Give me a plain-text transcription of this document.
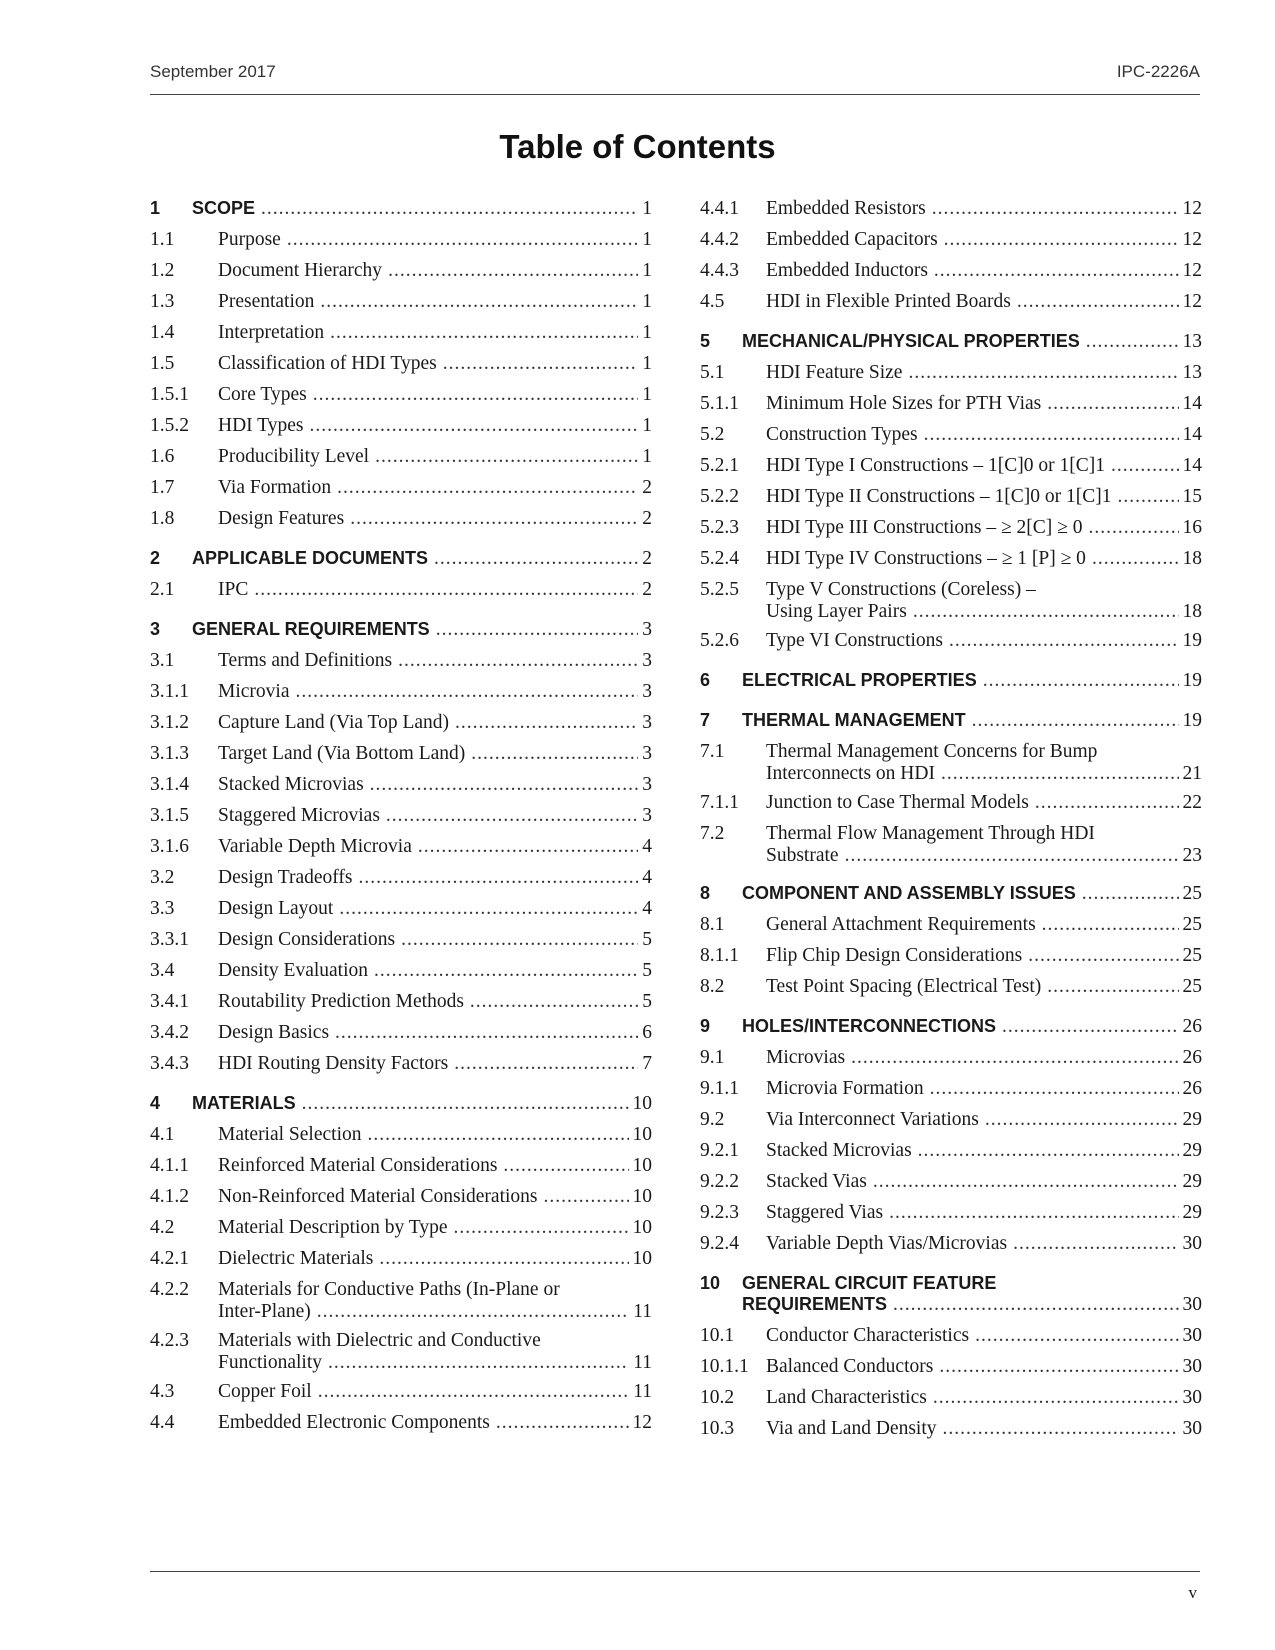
September 2017	IPC-2226A
Table of Contents
1	SCOPE .....	1
1.1	Purpose .....	1
1.2	Document Hierarchy .....	1
1.3	Presentation .....	1
1.4	Interpretation .....	1
1.5	Classification of HDI Types .....	1
1.5.1	Core Types .....	1
1.5.2	HDI Types .....	1
1.6	Producibility Level .....	1
1.7	Via Formation .....	2
1.8	Design Features .....	2
2	APPLICABLE DOCUMENTS .....	2
2.1	IPC .....	2
3	GENERAL REQUIREMENTS .....	3
3.1	Terms and Definitions .....	3
3.1.1	Microvia .....	3
3.1.2	Capture Land (Via Top Land) .....	3
3.1.3	Target Land (Via Bottom Land) .....	3
3.1.4	Stacked Microvias .....	3
3.1.5	Staggered Microvias .....	3
3.1.6	Variable Depth Microvia .....	4
3.2	Design Tradeoffs .....	4
3.3	Design Layout .....	4
3.3.1	Design Considerations .....	5
3.4	Density Evaluation .....	5
3.4.1	Routability Prediction Methods .....	5
3.4.2	Design Basics .....	6
3.4.3	HDI Routing Density Factors .....	7
4	MATERIALS .....	10
4.1	Material Selection .....	10
4.1.1	Reinforced Material Considerations .....	10
4.1.2	Non-Reinforced Material Considerations .....	10
4.2	Material Description by Type .....	10
4.2.1	Dielectric Materials .....	10
4.2.2	Materials for Conductive Paths (In-Plane or
Inter-Plane) .....	11
4.2.3	Materials with Dielectric and Conductive
Functionality .....	11
4.3	Copper Foil .....	11
4.4	Embedded Electronic Components .....	12
4.4.1	Embedded Resistors .....	12
4.4.2	Embedded Capacitors .....	12
4.4.3	Embedded Inductors .....	12
4.5	HDI in Flexible Printed Boards .....	12
5	MECHANICAL/PHYSICAL PROPERTIES .....	13
5.1	HDI Feature Size .....	13
5.1.1	Minimum Hole Sizes for PTH Vias .....	14
5.2	Construction Types .....	14
5.2.1	HDI Type I Constructions – 1[C]0 or 1[C]1 .....	14
5.2.2	HDI Type II Constructions – 1[C]0 or 1[C]1 .....	15
5.2.3	HDI Type III Constructions – ≥ 2[C] ≥ 0 .....	16
5.2.4	HDI Type IV Constructions – ≥ 1 [P] ≥ 0 .....	18
5.2.5	Type V Constructions (Coreless) –
Using Layer Pairs .....	18
5.2.6	Type VI Constructions .....	19
6	ELECTRICAL PROPERTIES .....	19
7	THERMAL MANAGEMENT .....	19
7.1	Thermal Management Concerns for Bump
Interconnects on HDI .....	21
7.1.1	Junction to Case Thermal Models .....	22
7.2	Thermal Flow Management Through HDI
Substrate .....	23
8	COMPONENT AND ASSEMBLY ISSUES .....	25
8.1	General Attachment Requirements .....	25
8.1.1	Flip Chip Design Considerations .....	25
8.2	Test Point Spacing (Electrical Test) .....	25
9	HOLES/INTERCONNECTIONS .....	26
9.1	Microvias .....	26
9.1.1	Microvia Formation .....	26
9.2	Via Interconnect Variations .....	29
9.2.1	Stacked Microvias .....	29
9.2.2	Stacked Vias .....	29
9.2.3	Staggered Vias .....	29
9.2.4	Variable Depth Vias/Microvias .....	30
10	GENERAL CIRCUIT FEATURE
REQUIREMENTS .....	30
10.1	Conductor Characteristics .....	30
10.1.1 Balanced Conductors .....	30
10.2	Land Characteristics .....	30
10.3	Via and Land Density .....	30
v
